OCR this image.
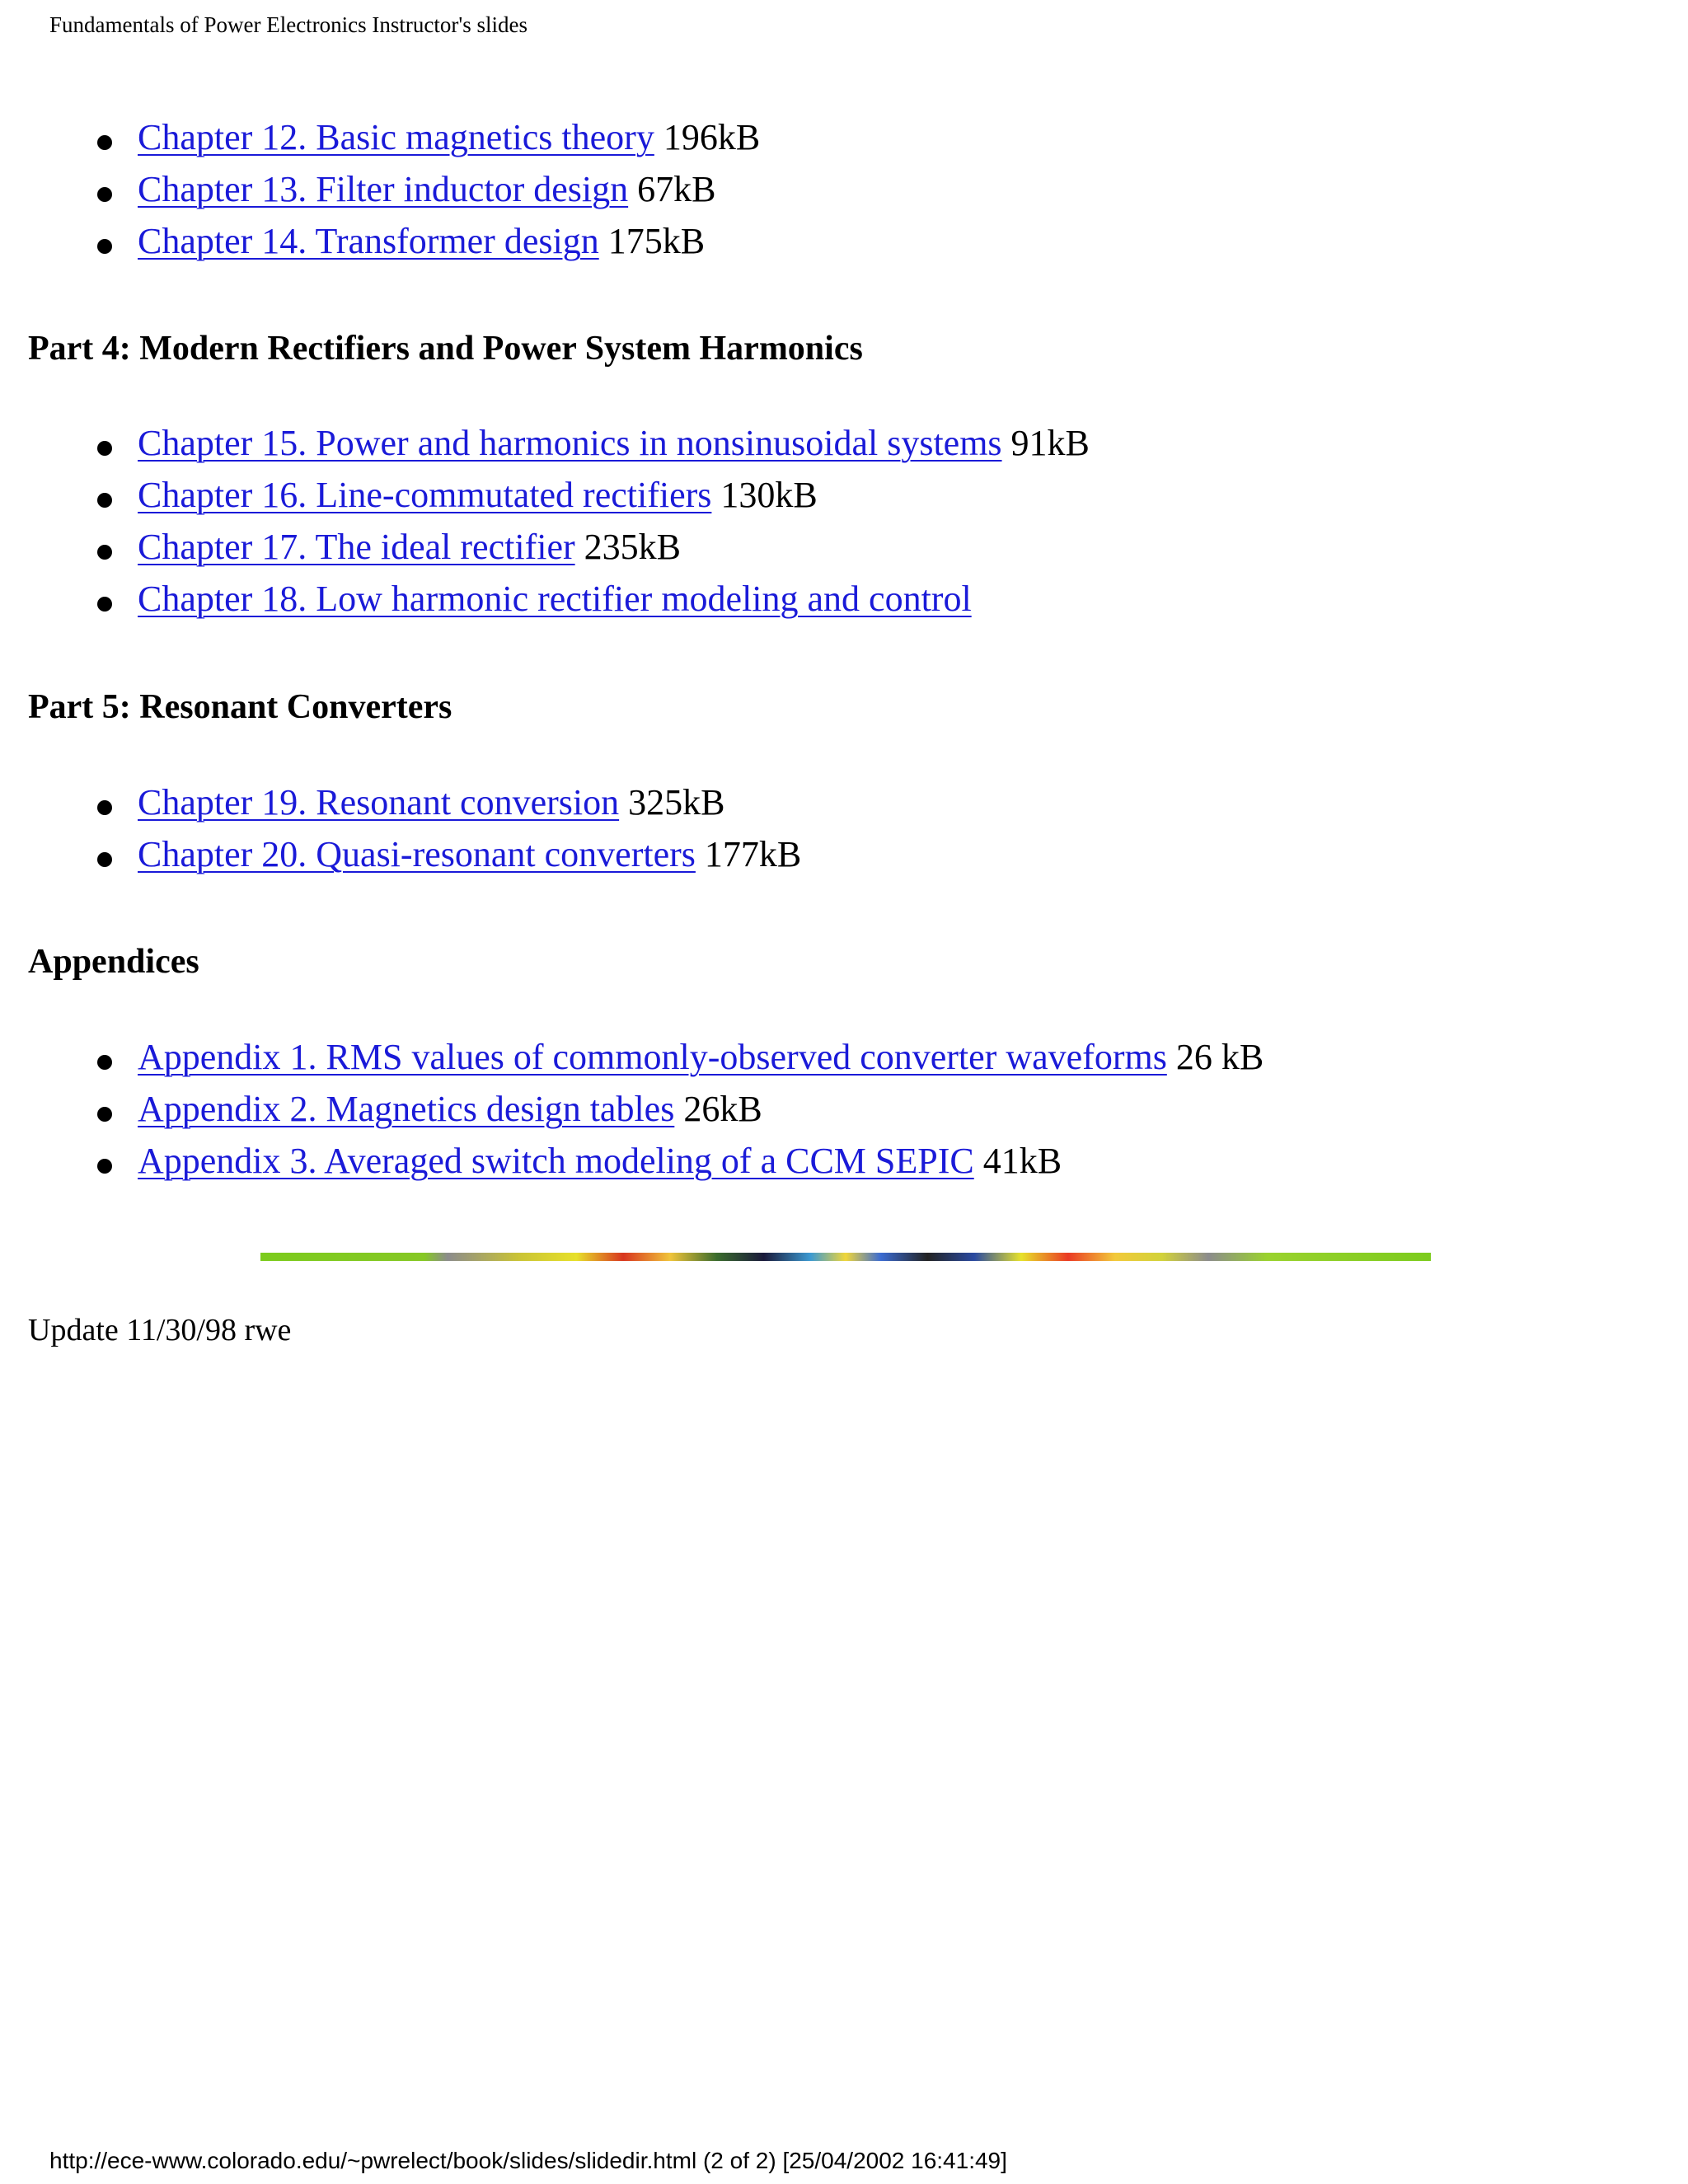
Fundamentals of Power Electronics Instructor's slides
Chapter 12. Basic magnetics theory 196kB
Chapter 13. Filter inductor design 67kB
Chapter 14. Transformer design 175kB
Part 4: Modern Rectifiers and Power System Harmonics
Chapter 15. Power and harmonics in nonsinusoidal systems 91kB
Chapter 16. Line-commutated rectifiers 130kB
Chapter 17. The ideal rectifier 235kB
Chapter 18. Low harmonic rectifier modeling and control
Part 5: Resonant Converters
Chapter 19. Resonant conversion 325kB
Chapter 20. Quasi-resonant converters 177kB
Appendices
Appendix 1. RMS values of commonly-observed converter waveforms 26 kB
Appendix 2. Magnetics design tables 26kB
Appendix 3. Averaged switch modeling of a CCM SEPIC 41kB
Update 11/30/98 rwe
http://ece-www.colorado.edu/~pwrelect/book/slides/slidedir.html (2 of 2) [25/04/2002 16:41:49]
